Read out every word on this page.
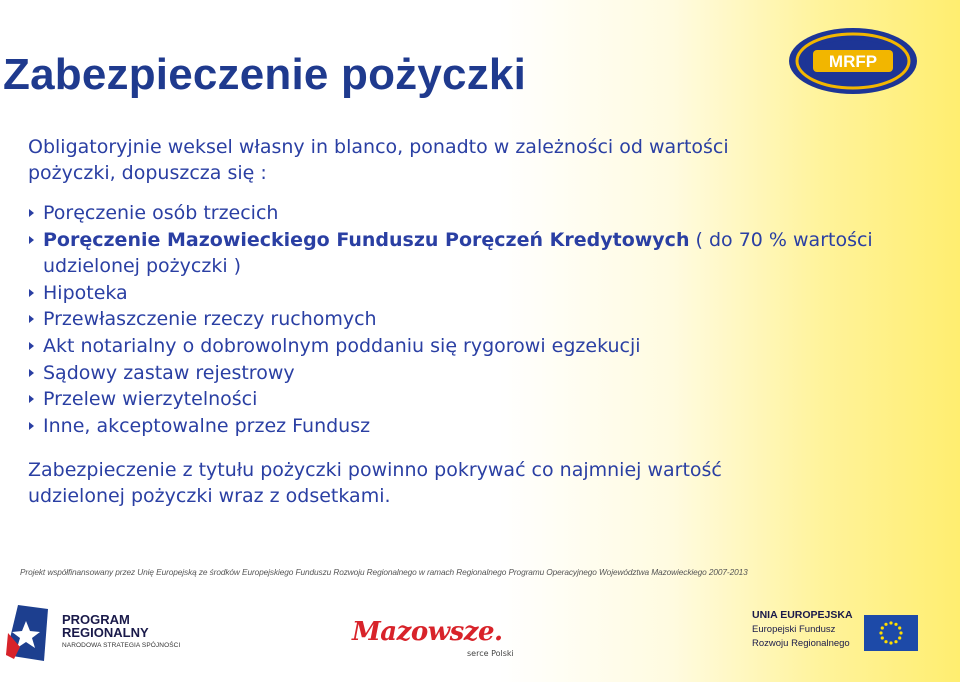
Zabezpieczenie pożyczki	MRFP

Obligatoryjnie weksel własny in blanco, ponadto w zależności od wartości pożyczki, dopuszcza się :

Poręczenie osób trzecich
Poręczenie Mazowieckiego Funduszu Poręczeń Kredytowych ( do 70 % wartości udzielonej pożyczki )
Hipoteka
Przewłaszczenie rzeczy ruchomych
Akt notarialny o dobrowolnym poddaniu się rygorowi egzekucji
Sądowy zastaw rejestrowy
Przelew wierzytelności
Inne, akceptowalne przez Fundusz

Zabezpieczenie z tytułu pożyczki powinno pokrywać co najmniej wartość udzielonej pożyczki wraz z odsetkami.

Projekt współfinansowany przez Unię Europejską ze środków Europejskiego Funduszu Rozwoju Regionalnego w ramach Regionalnego Programu Operacyjnego Województwa Mazowieckiego 2007-2013
PROGRAM
REGIONALNY
NARODOWA STRATEGIA SPÓJNOŚCI	Mazowsze.
serce Polski
UNIA EUROPEJSKA
Europejski Fundusz
Rozwoju Regionalnego
